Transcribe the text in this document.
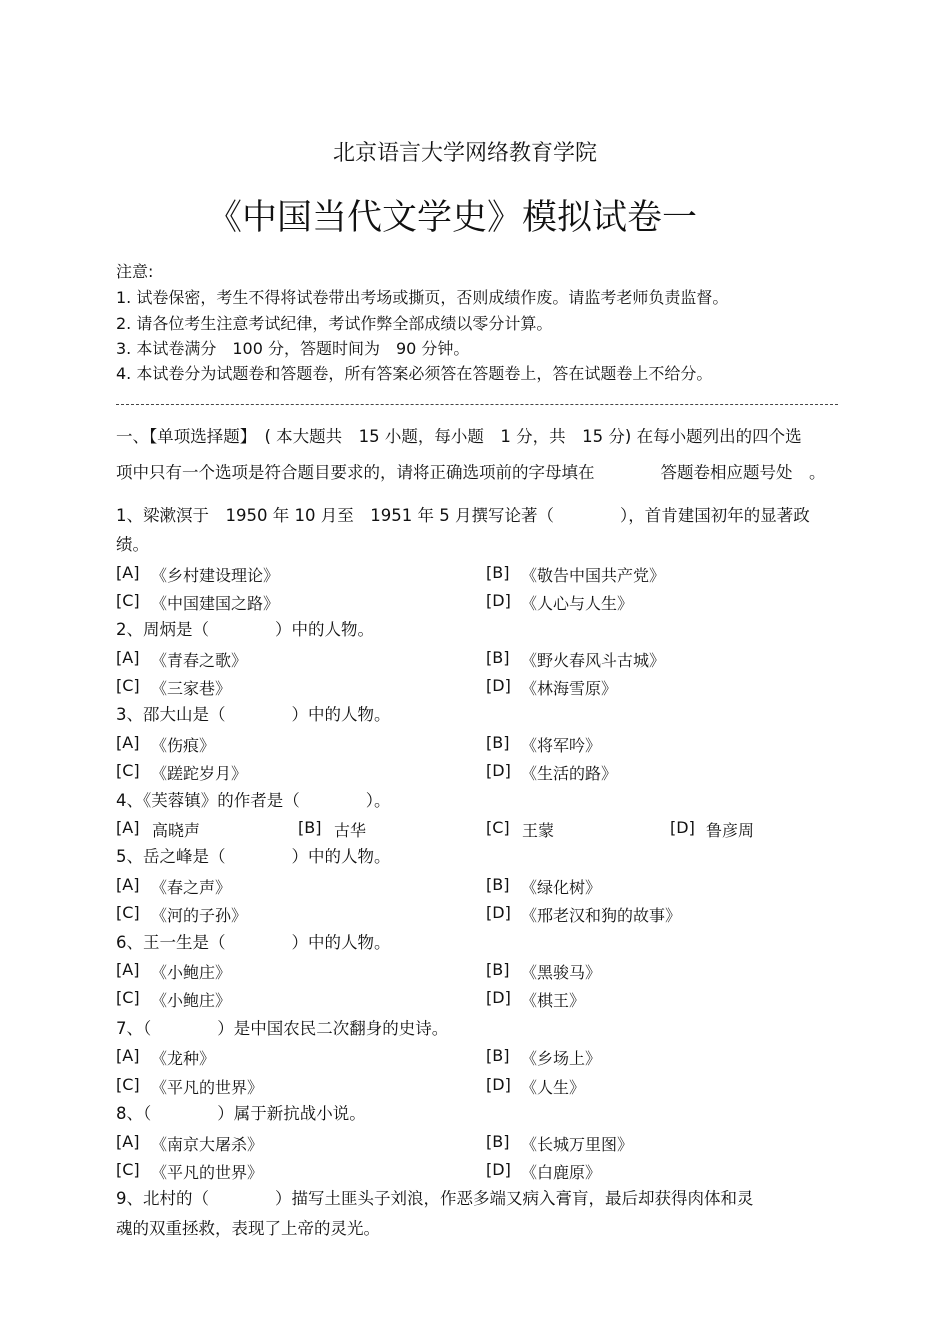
北京语言大学网络教育学院
《中国当代文学史》模拟试卷一
注意:
1. 试卷保密，考生不得将试卷带出考场或撕页，否则成绩作废。请监考老师负责监督。
2. 请各位考生注意考试纪律，考试作弊全部成绩以零分计算。
3. 本试卷满分　100 分，答题时间为　90 分钟。
4. 本试卷分为试题卷和答题卷，所有答案必须答在答题卷上，答在试题卷上不给分。
一、【单项选择题】　( 本大题共　15 小题，每小题　1 分，共　15 分) 在每小题列出的四个选
项中只有一个选项是符合题目要求的，请将正确选项前的字母填在　　　　答题卷相应题号处　。
1、梁漱溟于　1950 年 10 月至　1951 年 5 月撰写论著（　　　　），首肯建国初年的显著政
绩。
[A] 《乡村建设理论》	[B] 《敬告中国共产党》
[C] 《中国建国之路》	[D] 《人心与人生》
2、周炳是（　　　　）中的人物。
[A] 《青春之歌》	[B] 《野火春风斗古城》
[C] 《三家巷》	[D] 《林海雪原》
3、邵大山是（　　　　）中的人物。
[A] 《伤痕》	[B] 《将军吟》
[C] 《蹉跎岁月》	[D] 《生活的路》
4、《芙蓉镇》的作者是（　　　　）。
[A] 高晓声	[B] 古华	[C] 王蒙	[D] 鲁彦周
5、岳之峰是（　　　　）中的人物。
[A] 《春之声》	[B] 《绿化树》
[C] 《河的子孙》	[D] 《邢老汉和狗的故事》
6、王一生是（　　　　）中的人物。
[A] 《小鲍庄》	[B] 《黑骏马》
[C] 《小鲍庄》	[D] 《棋王》
7、（　　　　）是中国农民二次翻身的史诗。
[A] 《龙种》	[B] 《乡场上》
[C] 《平凡的世界》	[D] 《人生》
8、（　　　　）属于新抗战小说。
[A] 《南京大屠杀》	[B] 《长城万里图》
[C] 《平凡的世界》	[D] 《白鹿原》
9、北村的（　　　　）描写土匪头子刘浪，作恶多端又病入膏肓，最后却获得肉体和灵
魂的双重拯救，表现了上帝的灵光。
